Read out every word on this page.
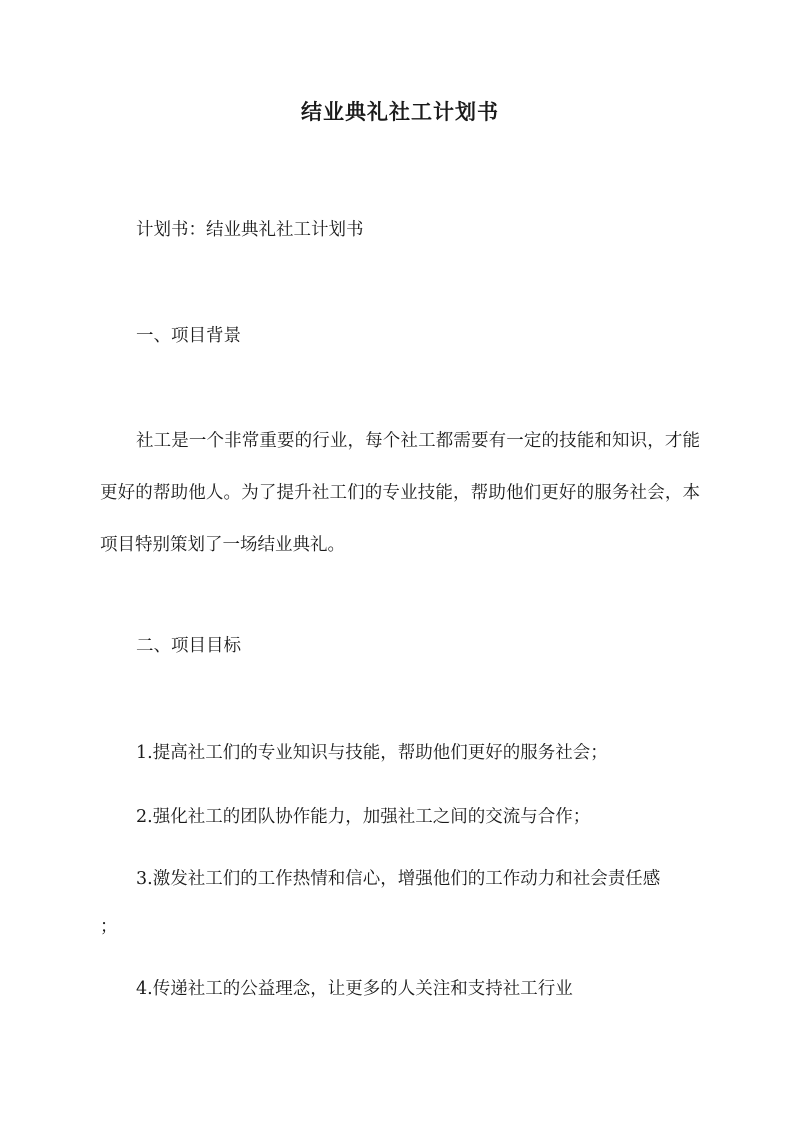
结业典礼社工计划书

计划书：结业典礼社工计划书

一、项目背景

社工是一个非常重要的行业，每个社工都需要有一定的技能和知识，才能更好的帮助他人。为了提升社工们的专业技能，帮助他们更好的服务社会，本项目特别策划了一场结业典礼。

二、项目目标

1.提高社工们的专业知识与技能，帮助他们更好的服务社会；

2.强化社工的团队协作能力，加强社工之间的交流与合作；

3.激发社工们的工作热情和信心，增强他们的工作动力和社会责任感

；

4.传递社工的公益理念，让更多的人关注和支持社工行业
